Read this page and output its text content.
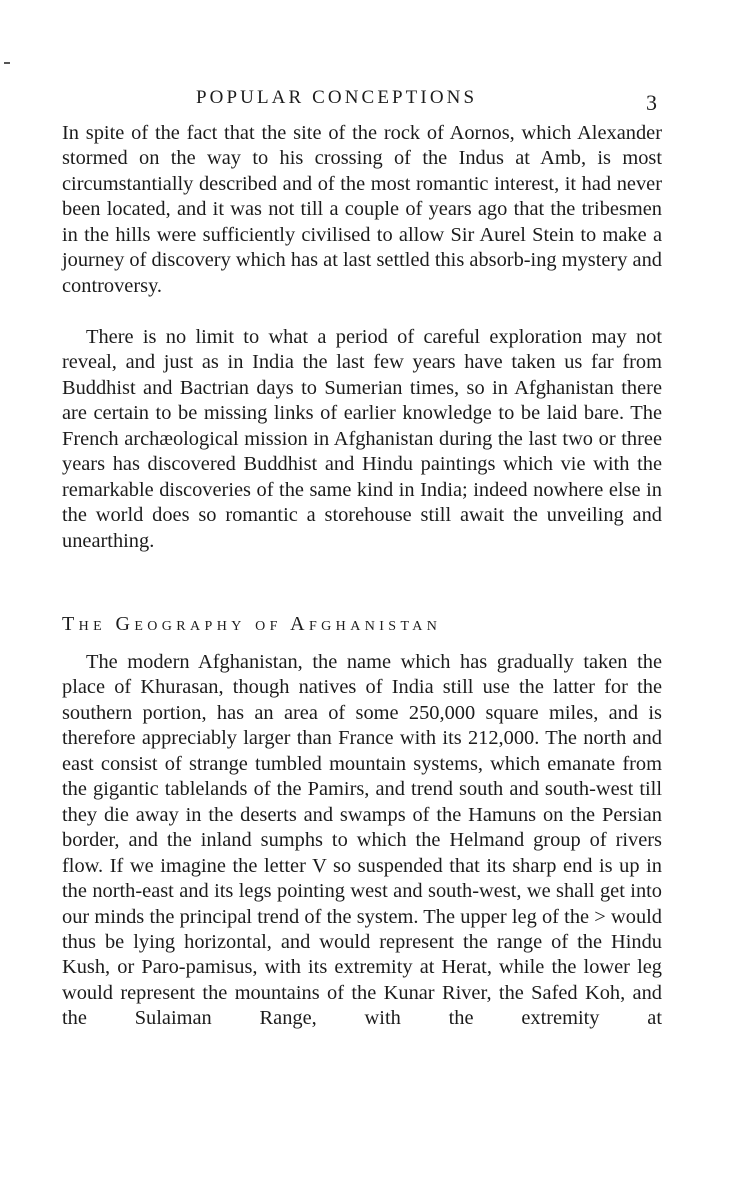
POPULAR CONCEPTIONS	3

In spite of the fact that the site of the rock of Aornos, which Alexander stormed on the way to his crossing of the Indus at Amb, is most circumstantially described and of the most romantic interest, it had never been located, and it was not till a couple of years ago that the tribesmen in the hills were sufficiently civilised to allow Sir Aurel Stein to make a journey of discovery which has at last settled this absorb-ing mystery and controversy.

There is no limit to what a period of careful exploration may not reveal, and just as in India the last few years have taken us far from Buddhist and Bactrian days to Sumerian times, so in Afghanistan there are certain to be missing links of earlier knowledge to be laid bare. The French archæological mission in Afghanistan during the last two or three years has discovered Buddhist and Hindu paintings which vie with the remarkable discoveries of the same kind in India; indeed nowhere else in the world does so romantic a storehouse still await the unveiling and unearthing.

The Geography of Afghanistan

The modern Afghanistan, the name which has gradually taken the place of Khurasan, though natives of India still use the latter for the southern portion, has an area of some 250,000 square miles, and is therefore appreciably larger than France with its 212,000. The north and east consist of strange tumbled mountain systems, which emanate from the gigantic tablelands of the Pamirs, and trend south and south-west till they die away in the deserts and swamps of the Hamuns on the Persian border, and the inland sumphs to which the Helmand group of rivers flow. If we imagine the letter V so suspended that its sharp end is up in the north-east and its legs pointing west and south-west, we shall get into our minds the principal trend of the system. The upper leg of the > would thus be lying horizontal, and would represent the range of the Hindu Kush, or Paro-pamisus, with its extremity at Herat, while the lower leg would represent the mountains of the Kunar River, the Safed Koh, and the Sulaiman Range, with the extremity at
